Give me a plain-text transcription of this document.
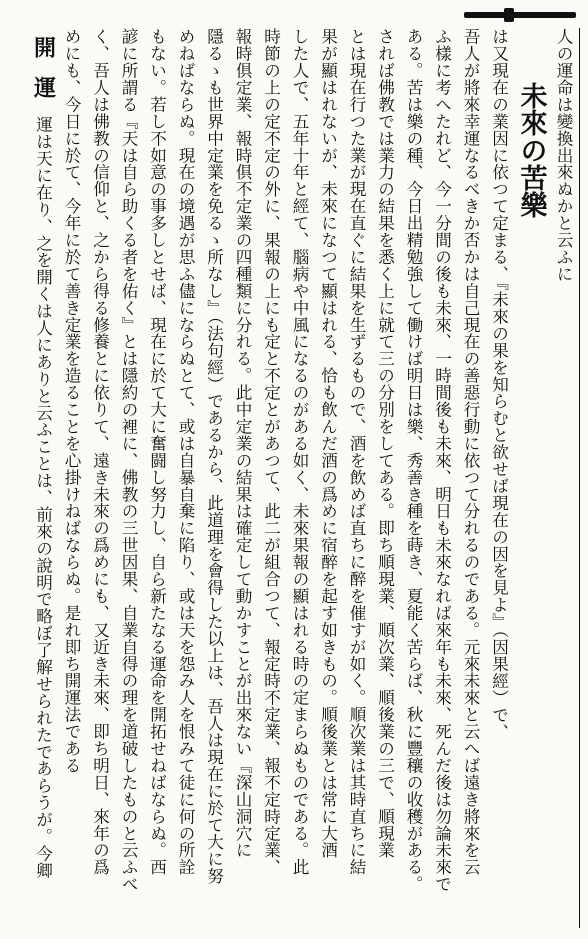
人の運命は變換出來ぬかと云ふに
未來の苦樂
は又現在の業因に依つて定まる、『未來の果を知らむと欲せば現在の因を見よ』（因果經）で、
吾人が將來幸運なるべきか否かは自己現在の善惡行動に依つて分れるのである。元來未來と云へば遠き將來を云
ふ樣に考へたれど、今一分間の後も未來、一時間後も未來、明日も未來なれば來年も未來、死んだ後は勿論未來で
ある。苦は樂の種、今日出精勉強して働けば明日は樂、秀善き種を蒔き、夏能く苦らば、秋に豐穰の收穫がある。
されば佛教では業力の結果を悉く上に就て三の分別をしてある。即ち順現業、順次業、順後業の三で、順現業
とは現在行つた業が現在直ぐに結果を生ずるもので、酒を飲めば直ちに醉を催すが如く。順次業は其時直ちに結
果が顯はれないが、未來になつて顯はれる、恰も飲んだ酒の爲めに宿醉を起す如きもの。順後業とは常に大酒
した人で、五年十年と經て、腦病や中風になるのがある如く、未來果報の顯はれる時の定まらぬものである。此
時節の上の定不定の外に、果報の上にも定と不定とがあつて、此二が組合つて、報定時不定業、報不定時定業、
報時俱定業、報時俱不定業の四種類に分れる。此中定業の結果は確定して動かすことが出來ない『深山洞穴に
隱るゝも世界中定業を免るゝ所なし』（法句經）であるから、此道理を會得した以上は、吾人は現在に於て大に努
めねばならぬ。現在の境遇が思ふ儘にならぬとて、或は自暴自棄に陷り、或は天を怨み人を恨みて徒に何の所詮
もない。若し不如意の事多しとせば、現在に於て大に奮闘し努力し、自ら新たなる運命を開拓せねばならぬ。西
諺に所謂る『天は自ら助くる者を佑く』とは隱約の裡に、佛教の三世因果、自業自得の理を道破したものと云ふべ
く、吾人は佛教の信仰と、之から得る修養とに依りて、遠き未來の爲めにも、又近き未來、即ち明日、來年の爲
めにも、今日に於て、今年に於て善き定業を造ることを心掛けねばならぬ。是れ即ち開運法である
開運運は天に在り、之を開くは人にありと云ふことは、前來の說明で略ぼ了解せられたであらうが。今卿
